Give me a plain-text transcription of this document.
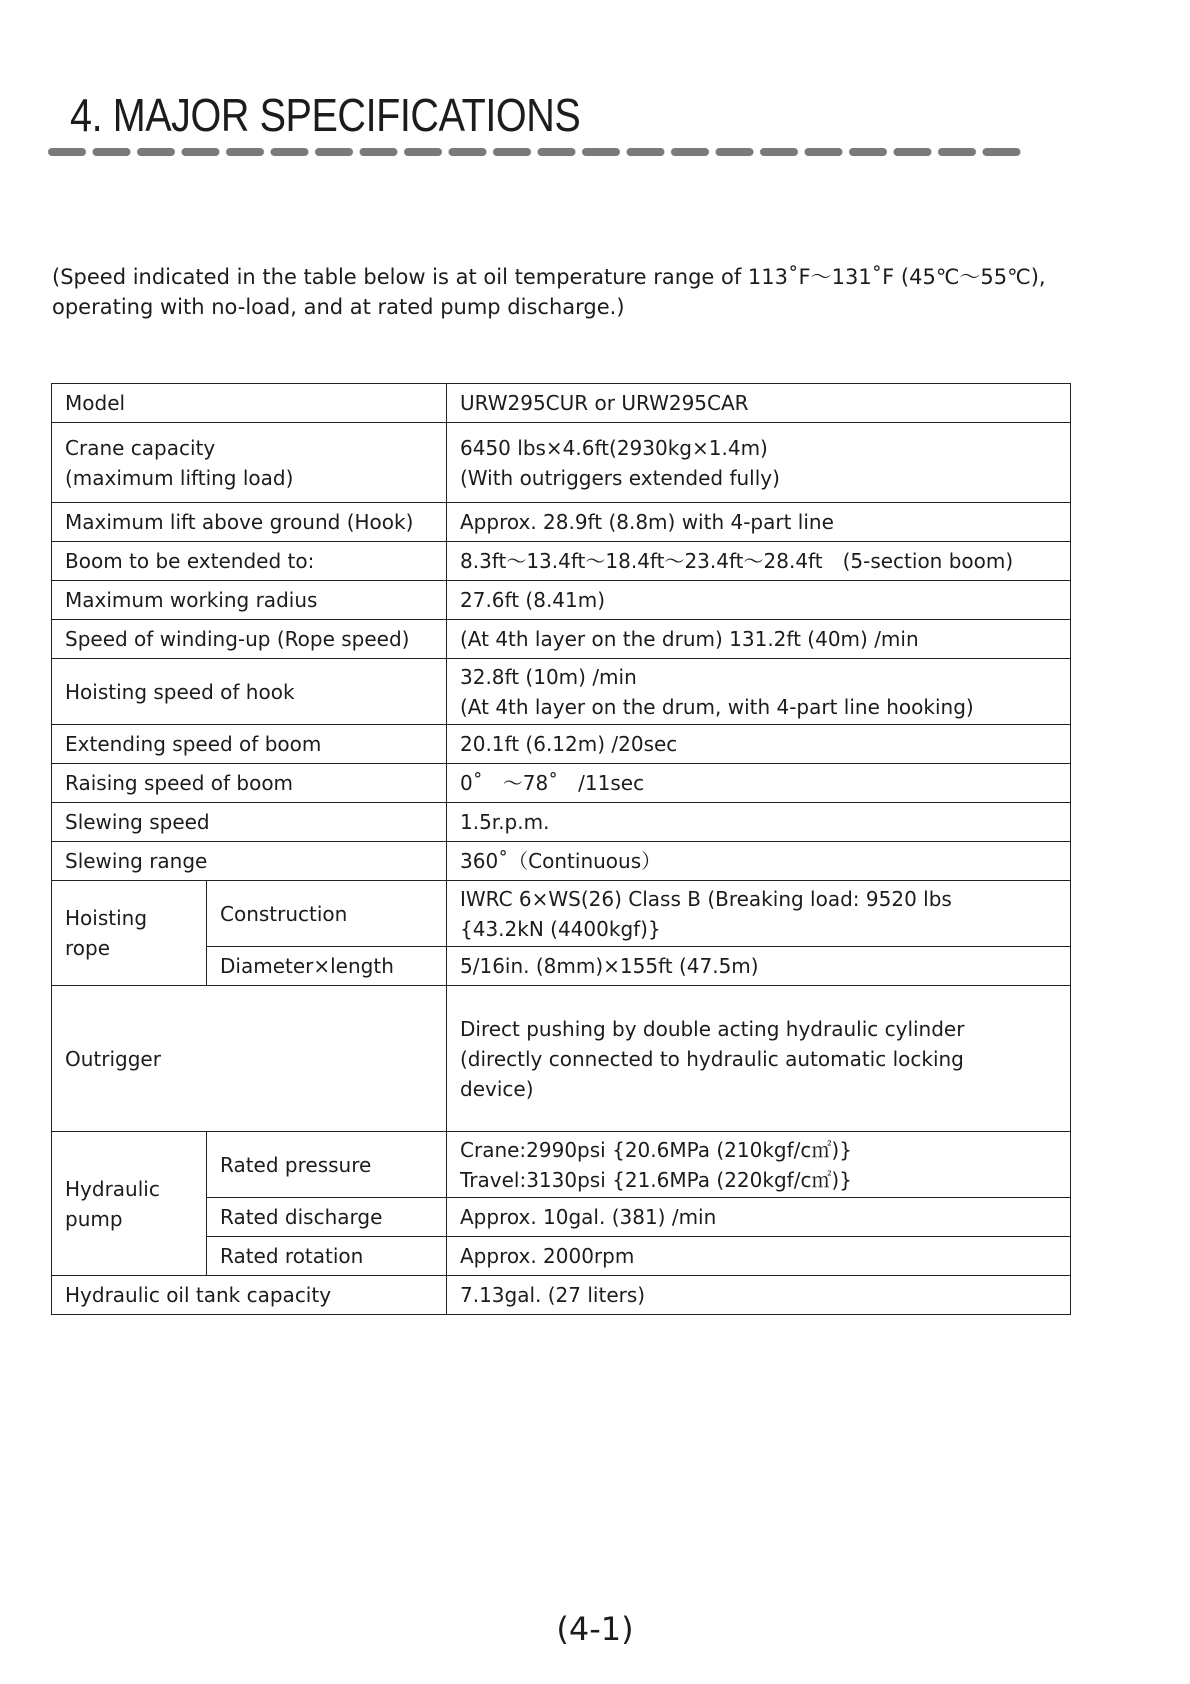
4. MAJOR SPECIFICATIONS
(Speed indicated in the table below is at oil temperature range of 113˚F～131˚F (45℃～55℃),
operating with no-load, and at rated pump discharge.)
Model		URW295CUR or URW295CAR

Crane capacity
(maximum lifting load)		6450 lbs×4.6ft(2930kg×1.4m)
(With outriggers extended fully)

Maximum lift above ground (Hook)		Approx. 28.9ft (8.8m) with 4-part line
Boom to be extended to:		8.3ft～13.4ft～18.4ft～23.4ft～28.4ft　(5-section boom)
Maximum working radius		27.6ft (8.41m)
Speed of winding-up (Rope speed)		(At 4th layer on the drum) 131.2ft (40m) /min
Hoisting speed of hook		32.8ft (10m) /min
(At 4th layer on the drum, with 4-part line hooking)

Extending speed of boom		20.1ft (6.12m) /20sec
Raising speed of boom		0˚　～78˚　/11sec
Slewing speed		1.5r.p.m.
Slewing range		360˚（Continuous）
Hoisting rope	Construction	IWRC 6×WS(26) Class B (Breaking load: 9520 lbs
{43.2kN (4400kgf)}

	Diameter×length	5/16in. (8mm)×155ft (47.5m)
Outrigger		Direct pushing by double acting hydraulic cylinder
(directly connected to hydraulic automatic locking
device)

Hydraulic
pump	Rated pressure	Crane:2990psi {20.6MPa (210kgf/c㎡)}
Travel:3130psi {21.6MPa (220kgf/c㎡)}

	Rated discharge	Approx. 10gal. (381) /min
	Rated rotation	Approx. 2000rpm
Hydraulic oil tank capacity		7.13gal. (27 liters)
(4-1)
